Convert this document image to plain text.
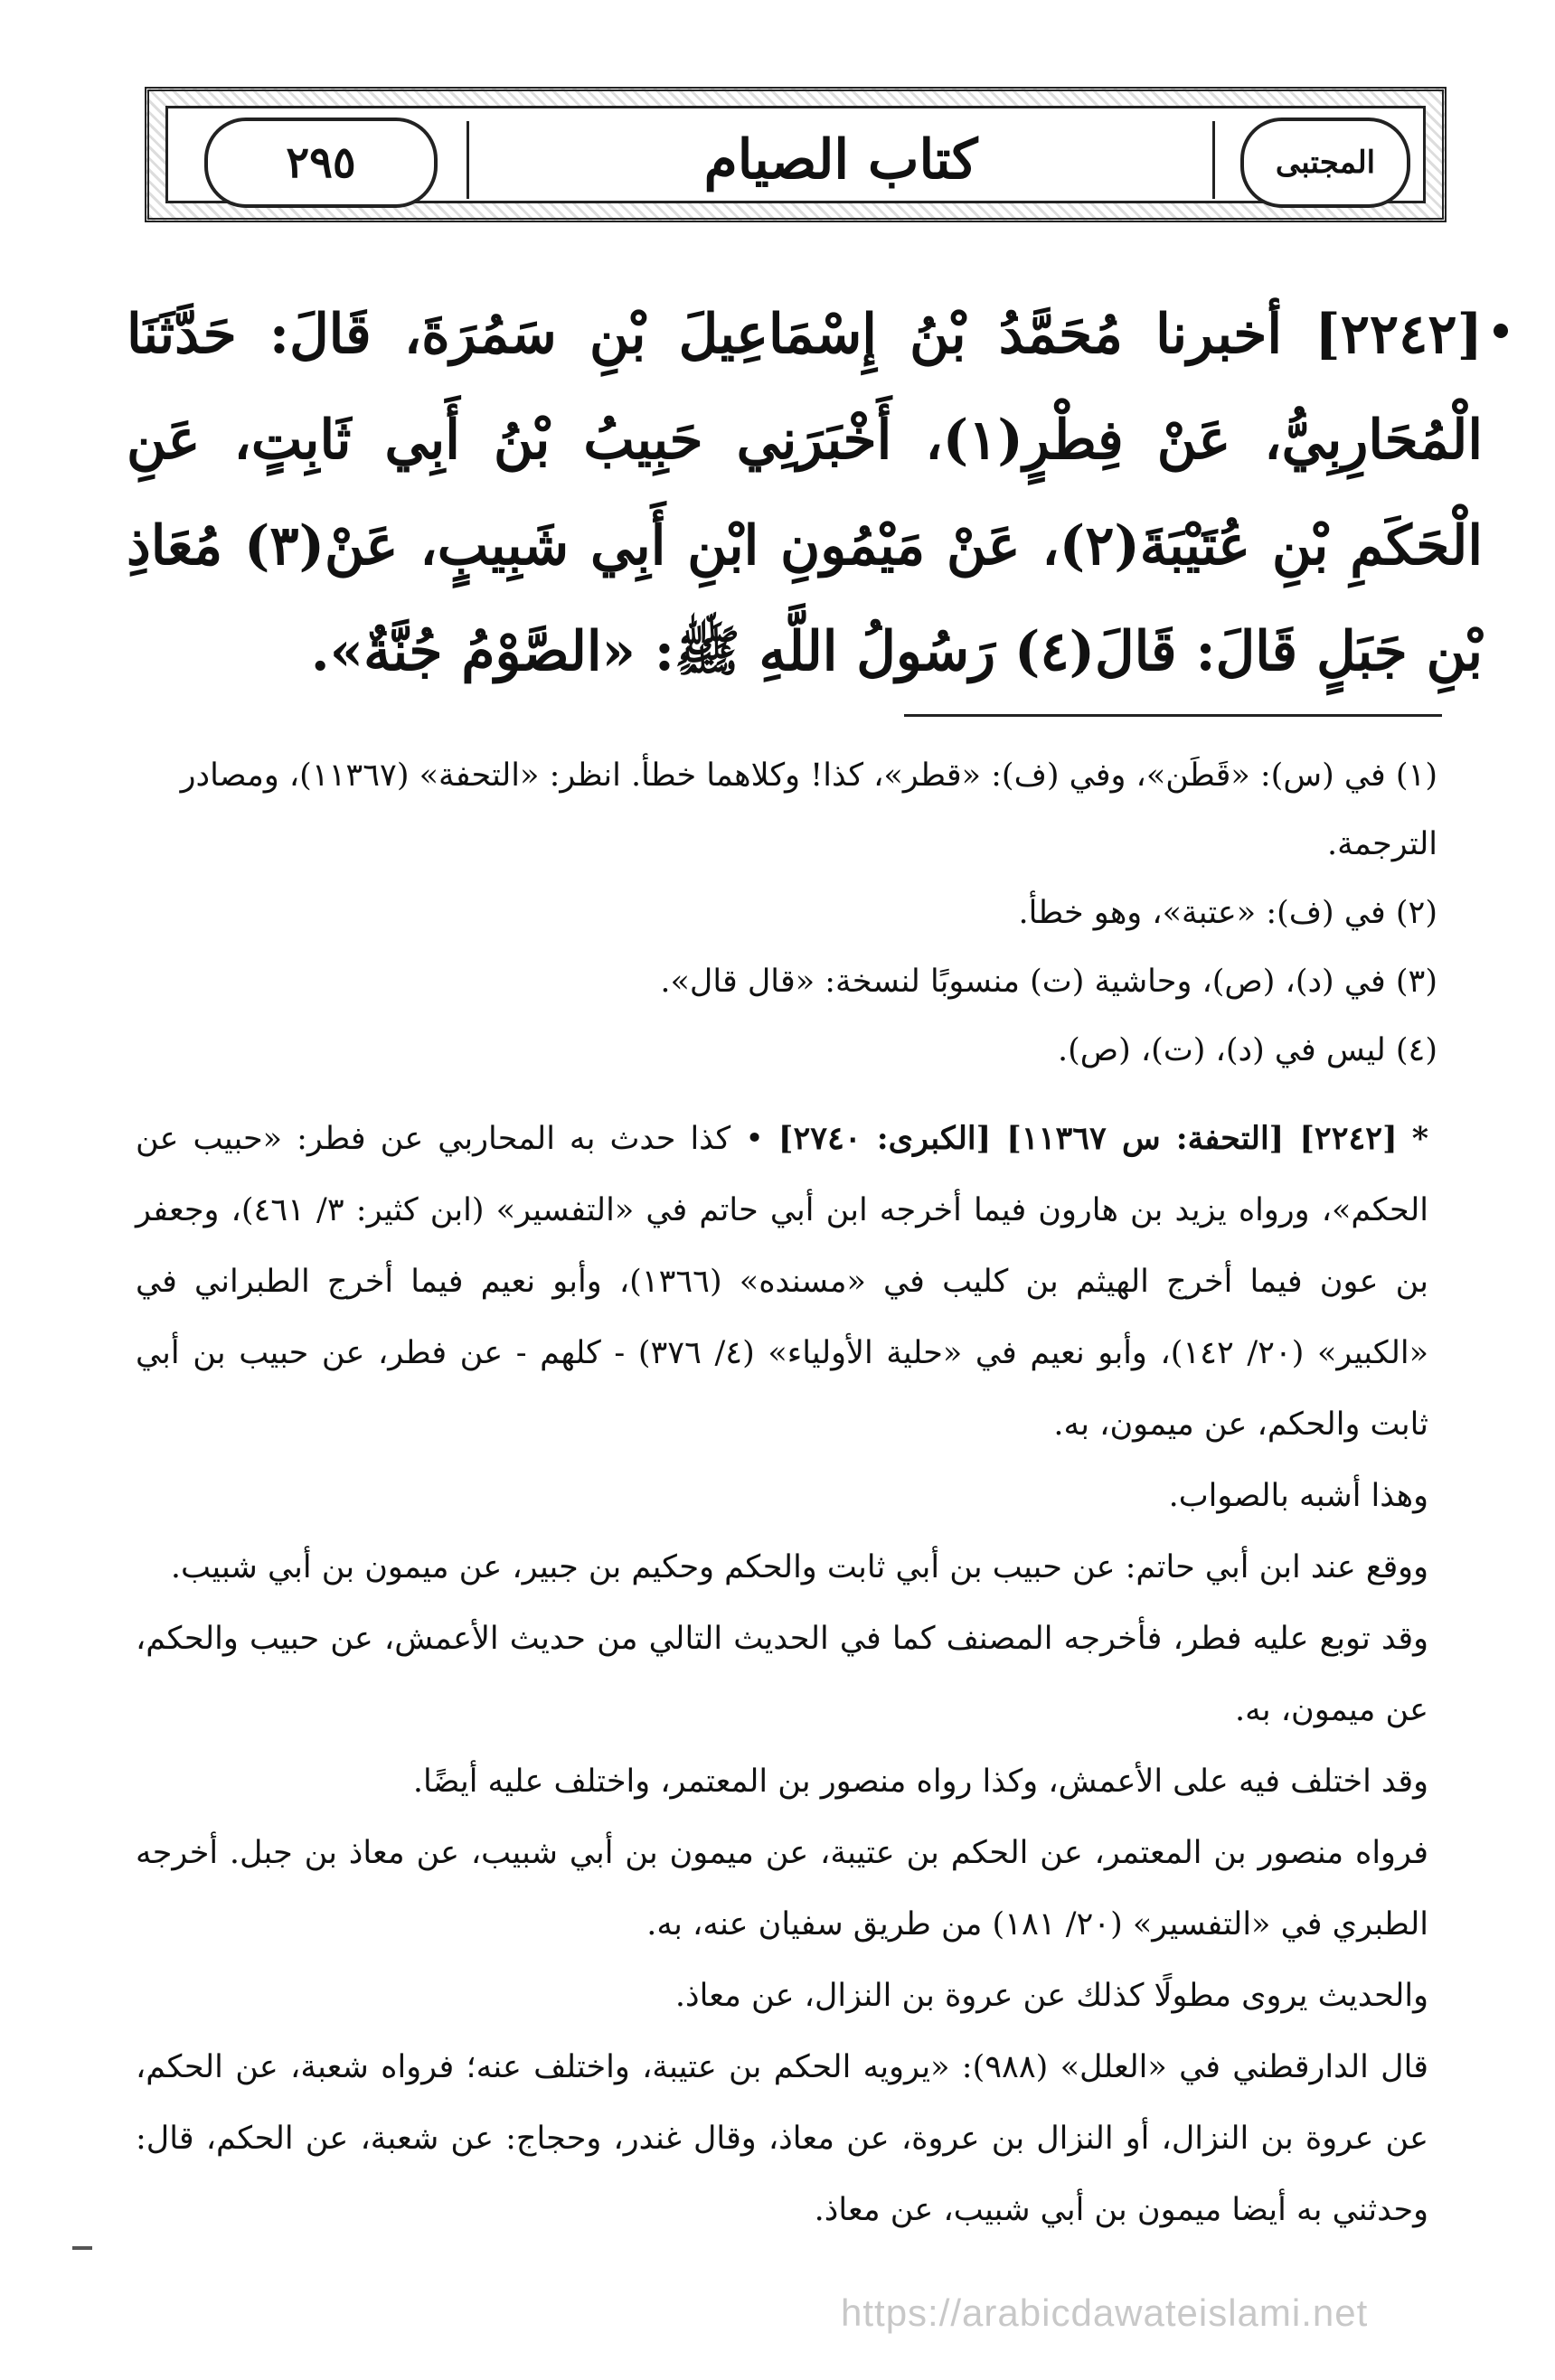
٢٩٥	كتاب الصيام	المجتبى
[٢٢٤٢] أخبرنا مُحَمَّدُ بْنُ إِسْمَاعِيلَ بْنِ سَمُرَةَ، قَالَ: حَدَّثَنَا الْمُحَارِبِيُّ، عَنْ فِطْرٍ(١)، أَخْبَرَنِي حَبِيبُ بْنُ أَبِي ثَابِتٍ، عَنِ الْحَكَمِ بْنِ عُتَيْبَةَ(٢)، عَنْ مَيْمُونِ ابْنِ أَبِي شَبِيبٍ، عَنْ(٣) مُعَاذِ بْنِ جَبَلٍ قَالَ: قَالَ(٤) رَسُولُ اللَّهِ ﷺ: «الصَّوْمُ جُنَّةٌ».

(١) في (س): «قَطَن»، وفي (ف): «قطر»، كذا! وكلاهما خطأ. انظر: «التحفة» (١١٣٦٧)، ومصادر الترجمة.

(٢) في (ف): «عتبة»، وهو خطأ.

(٣) في (د)، (ص)، وحاشية (ت) منسوبًا لنسخة: «قال قال».

(٤) ليس في (د)، (ت)، (ص).

* [٢٢٤٢] [التحفة: س ١١٣٦٧] [الكبرى: ٢٧٤٠] • كذا حدث به المحاربي عن فطر: «حبيب عن الحكم»، ورواه يزيد بن هارون فيما أخرجه ابن أبي حاتم في «التفسير» (ابن كثير: ٣/ ٤٦١)، وجعفر بن عون فيما أخرج الهيثم بن كليب في «مسنده» (١٣٦٦)، وأبو نعيم فيما أخرج الطبراني في «الكبير» (٢٠/ ١٤٢)، وأبو نعيم في «حلية الأولياء» (٤/ ٣٧٦) - كلهم - عن فطر، عن حبيب بن أبي ثابت والحكم، عن ميمون، به.

وهذا أشبه بالصواب.

ووقع عند ابن أبي حاتم: عن حبيب بن أبي ثابت والحكم وحكيم بن جبير، عن ميمون بن أبي شبيب.

وقد توبع عليه فطر، فأخرجه المصنف كما في الحديث التالي من حديث الأعمش، عن حبيب والحكم، عن ميمون، به.

وقد اختلف فيه على الأعمش، وكذا رواه منصور بن المعتمر، واختلف عليه أيضًا.

فرواه منصور بن المعتمر، عن الحكم بن عتيبة، عن ميمون بن أبي شبيب، عن معاذ بن جبل. أخرجه الطبري في «التفسير» (٢٠/ ١٨١) من طريق سفيان عنه، به.

والحديث يروى مطولًا كذلك عن عروة بن النزال، عن معاذ.

قال الدارقطني في «العلل» (٩٨٨): «يرويه الحكم بن عتيبة، واختلف عنه؛ فرواه شعبة، عن الحكم، عن عروة بن النزال، أو النزال بن عروة، عن معاذ، وقال غندر، وحجاج: عن شعبة، عن الحكم، قال: وحدثني به أيضا ميمون بن أبي شبيب، عن معاذ.

https://arabicdawateislami.net
